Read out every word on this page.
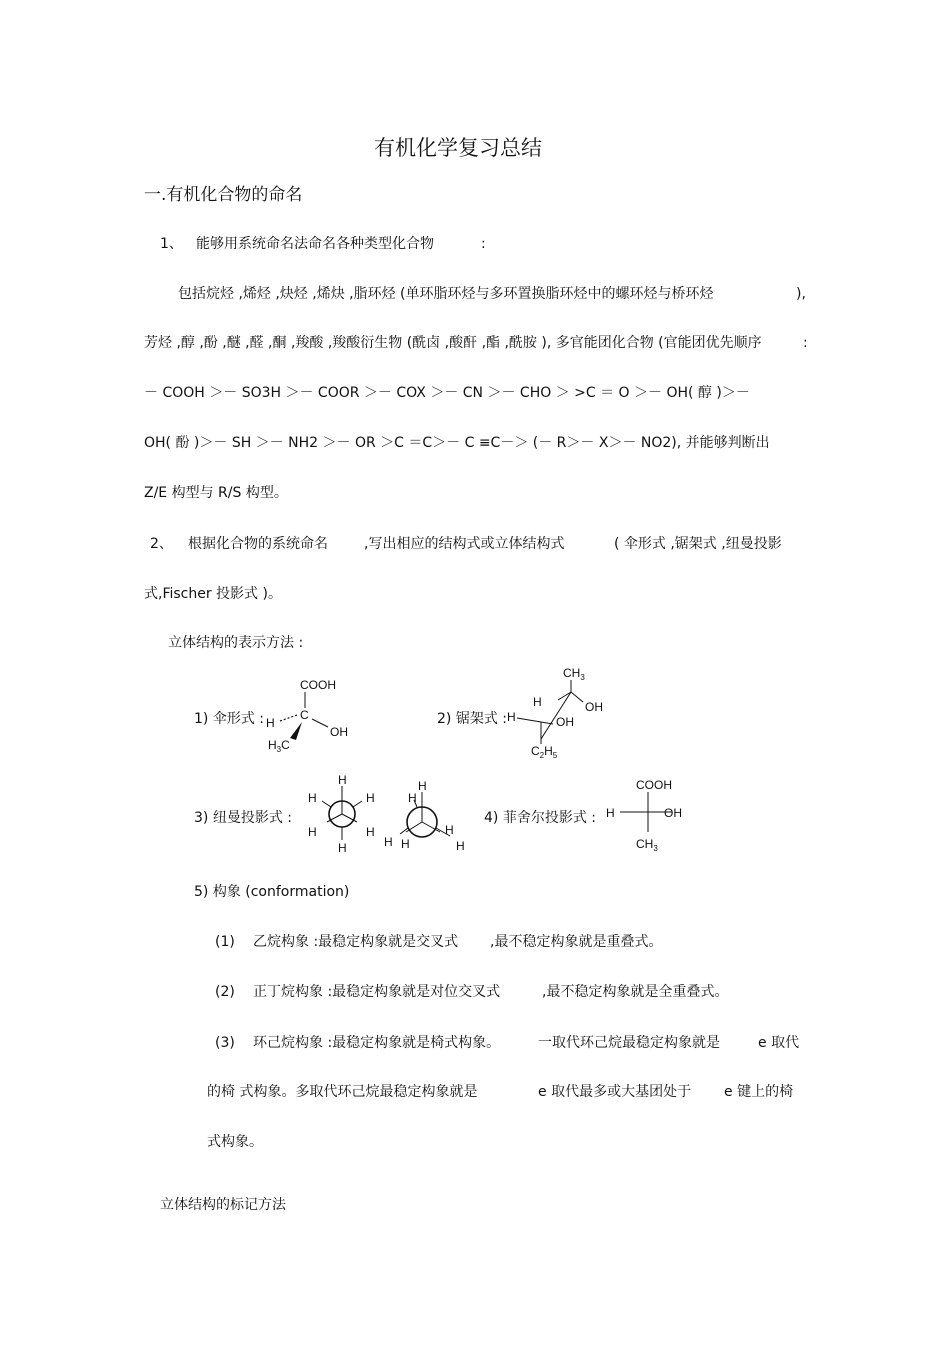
有机化学复习总结
一.有机化合物的命名
1、 能够用系统命名法命名各种类型化合物	:
包括烷烃 ,烯烃 ,炔烃 ,烯炔 ,脂环烃 (单环脂环烃与多环置换脂环烃中的螺环烃与桥环烃	),
芳烃 ,醇 ,酚 ,醚 ,醛 ,酮 ,羧酸 ,羧酸衍生物 (酰卤 ,酸酐 ,酯 ,酰胺 ), 多官能团化合物 (官能团优先顺序	:
－ COOH ＞－ SO3H ＞－ COOR ＞－ COX ＞－ CN ＞－ CHO ＞ >C ＝ O ＞－ OH( 醇 )＞－
OH( 酚 )＞－ SH ＞－ NH2 ＞－ OR ＞C ＝C＞－ C ≡C－＞ (－ R＞－ X＞－ NO2), 并能够判断出
Z/E 构型与 R/S 构型。
2、 根据化合物的系统命名	,写出相应的结构式或立体结构式	( 伞形式 ,锯架式 ,纽曼投影
式,Fischer 投影式 )。
立体结构的表示方法 :
1) 伞形式 :
COOH
C
H
OH
$H_3C$
2) 锯架式 :
$CH_3$
H	OH
H	OH
$C_2H_5$
3) 纽曼投影式 :
H
H	H
H	H
H
H
H
H
H H	H
4) 菲舍尔投影式 :
COOH
H	OH
$CH_3$
5) 构象 (conformation)
(1) 乙烷构象 :最稳定构象就是交叉式 ,最不稳定构象就是重叠式。
(2) 正丁烷构象 :最稳定构象就是对位交叉式	,最不稳定构象就是全重叠式。
(3) 环己烷构象 :最稳定构象就是椅式构象。	一取代环己烷最稳定构象就是	e 取代
的椅 式构象。多取代环己烷最稳定构象就是	e 取代最多或大基团处于 e 键上的椅
式构象。
立体结构的标记方法
